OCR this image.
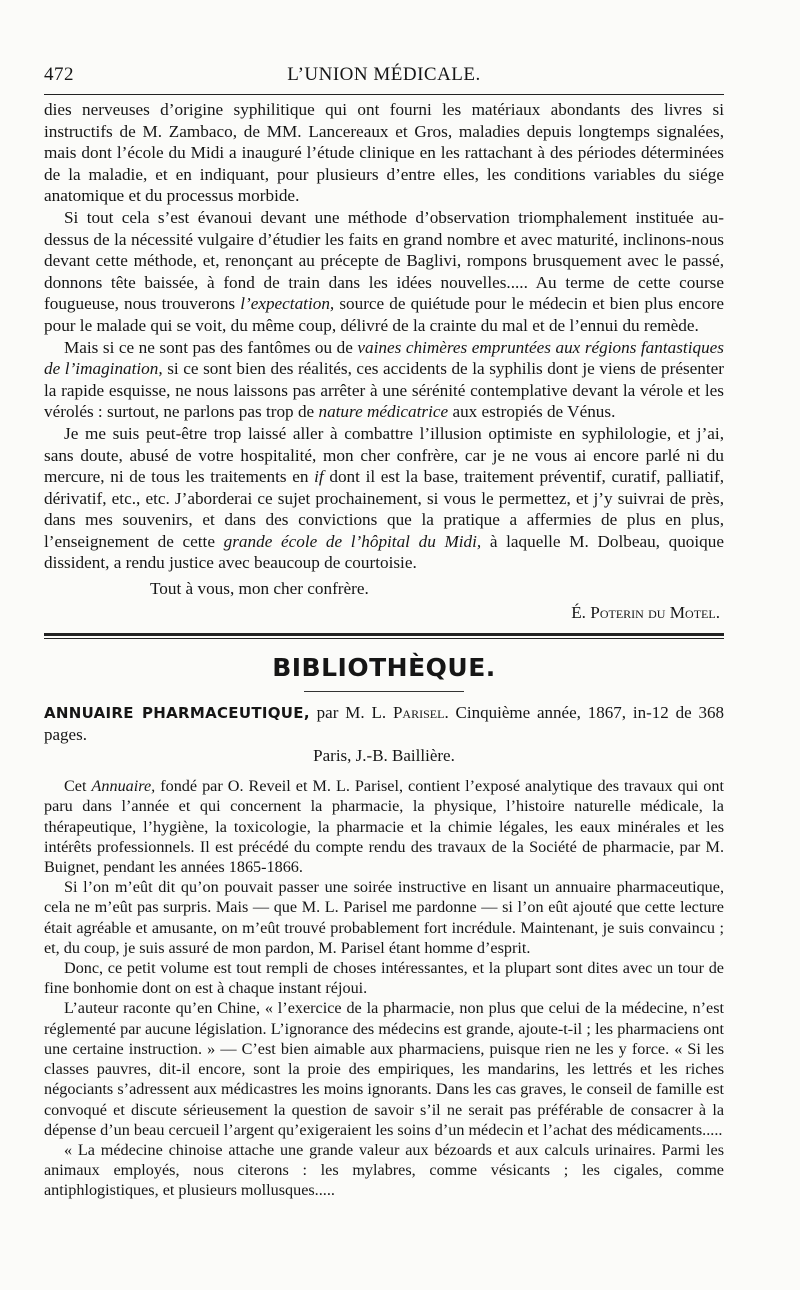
472	L’UNION MÉDICALE.

dies nerveuses d’origine syphilitique qui ont fourni les matériaux abondants des livres si instructifs de M. Zambaco, de MM. Lancereaux et Gros, maladies depuis longtemps signalées, mais dont l’école du Midi a inauguré l’étude clinique en les rattachant à des périodes déterminées de la maladie, et en indiquant, pour plusieurs d’entre elles, les conditions variables du siége anatomique et du processus morbide.

Si tout cela s’est évanoui devant une méthode d’observation triomphalement instituée au-dessus de la nécessité vulgaire d’étudier les faits en grand nombre et avec maturité, inclinons-nous devant cette méthode, et, renonçant au précepte de Baglivi, rompons brusquement avec le passé, donnons tête baissée, à fond de train dans les idées nouvelles..... Au terme de cette course fougueuse, nous trouverons l’expectation, source de quiétude pour le médecin et bien plus encore pour le malade qui se voit, du même coup, délivré de la crainte du mal et de l’ennui du remède.

Mais si ce ne sont pas des fantômes ou de vaines chimères empruntées aux régions fantastiques de l’imagination, si ce sont bien des réalités, ces accidents de la syphilis dont je viens de présenter la rapide esquisse, ne nous laissons pas arrêter à une sérénité contemplative devant la vérole et les vérolés : surtout, ne parlons pas trop de nature médicatrice aux estropiés de Vénus.

Je me suis peut-être trop laissé aller à combattre l’illusion optimiste en syphilologie, et j’ai, sans doute, abusé de votre hospitalité, mon cher confrère, car je ne vous ai encore parlé ni du mercure, ni de tous les traitements en if dont il est la base, traitement préventif, curatif, palliatif, dérivatif, etc., etc. J’aborderai ce sujet prochainement, si vous le permettez, et j’y suivrai de près, dans mes souvenirs, et dans des convictions que la pratique a affermies de plus en plus, l’enseignement de cette grande école de l’hôpital du Midi, à laquelle M. Dolbeau, quoique dissident, a rendu justice avec beaucoup de courtoisie.

Tout à vous, mon cher confrère.
É. Poterin du Motel.
BIBLIOTHÈQUE.
ANNUAIRE PHARMACEUTIQUE, par M. L. Parisel. Cinquième année, 1867, in-12 de 368 pages.
Paris, J.-B. Baillière.

Cet Annuaire, fondé par O. Reveil et M. L. Parisel, contient l’exposé analytique des travaux qui ont paru dans l’année et qui concernent la pharmacie, la physique, l’histoire naturelle médicale, la thérapeutique, l’hygiène, la toxicologie, la pharmacie et la chimie légales, les eaux minérales et les intérêts professionnels. Il est précédé du compte rendu des travaux de la Société de pharmacie, par M. Buignet, pendant les années 1865-1866.

Si l’on m’eût dit qu’on pouvait passer une soirée instructive en lisant un annuaire pharmaceutique, cela ne m’eût pas surpris. Mais — que M. L. Parisel me pardonne — si l’on eût ajouté que cette lecture était agréable et amusante, on m’eût trouvé probablement fort incrédule. Maintenant, je suis convaincu ; et, du coup, je suis assuré de mon pardon, M. Parisel étant homme d’esprit.

Donc, ce petit volume est tout rempli de choses intéressantes, et la plupart sont dites avec un tour de fine bonhomie dont on est à chaque instant réjoui.

L’auteur raconte qu’en Chine, « l’exercice de la pharmacie, non plus que celui de la médecine, n’est réglementé par aucune législation. L’ignorance des médecins est grande, ajoute-t-il ; les pharmaciens ont une certaine instruction. » — C’est bien aimable aux pharmaciens, puisque rien ne les y force. « Si les classes pauvres, dit-il encore, sont la proie des empiriques, les mandarins, les lettrés et les riches négociants s’adressent aux médicastres les moins ignorants. Dans les cas graves, le conseil de famille est convoqué et discute sérieusement la question de savoir s’il ne serait pas préférable de consacrer à la dépense d’un beau cercueil l’argent qu’exigeraient les soins d’un médecin et l’achat des médicaments.....

« La médecine chinoise attache une grande valeur aux bézoards et aux calculs urinaires. Parmi les animaux employés, nous citerons : les mylabres, comme vésicants ; les cigales, comme antiphlogistiques, et plusieurs mollusques.....
